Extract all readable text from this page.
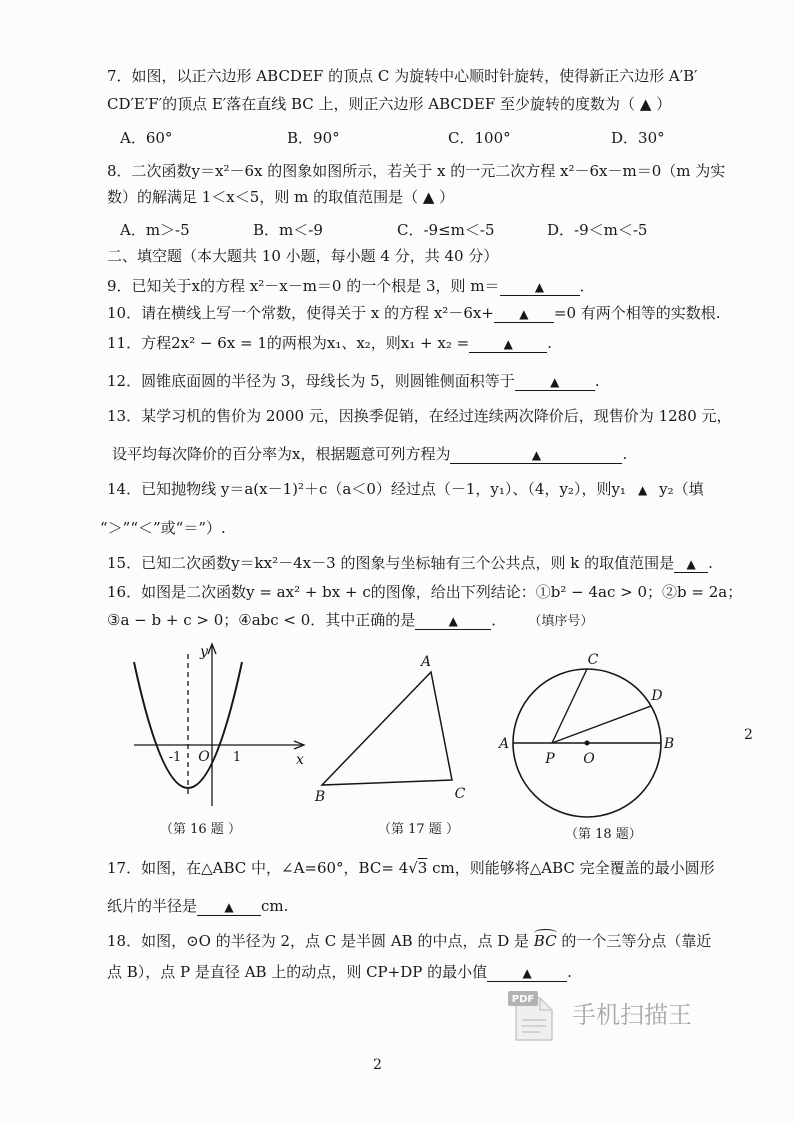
7．如图，以正六边形 ABCDEF 的顶点 C 为旋转中心顺时针旋转，使得新正六边形 A′B′
CD′E′F′的顶点 E′落在直线 BC 上，则正六边形 ABCDEF 至少旋转的度数为（ ▲ ）
A．60°	B．90°	C．100°	D．30°
8．二次函数y＝x²－6x 的图象如图所示，若关于 x 的一元二次方程 x²－6x－m＝0（m 为实
数）的解满足 1＜x＜5，则 m 的取值范围是（ ▲ ）
A．m＞-5	B．m＜-9	C．-9≤m＜-5	D．-9＜m＜-5
二、填空题（本大题共 10 小题，每小题 4 分，共 40 分）
9．已知关于x的方程 x²－x－m＝0 的一个根是 3，则 m＝	▲ ．
10．请在横线上写一个常数，使得关于 x 的方程 x²－6x+ ▲ =0 有两个相等的实数根.
11．方程2x² − 6x = 1的两根为x₁、x₂，则x₁ + x₂ =	▲ .
12．圆锥底面圆的半径为 3，母线长为 5，则圆锥侧面积等于	▲ .
13．某学习机的售价为 2000 元，因换季促销，在经过连续两次降价后，现售价为 1280 元，
设平均每次降价的百分率为x，根据题意可列方程为	▲	.
14．已知抛物线 y＝a(x－1)²＋c（a＜0）经过点（－1，y₁）、（4，y₂），则y₁ ▲ y₂（填
“＞”“＜”或“＝”）.
15．已知二次函数y＝kx²－4x－3 的图象与坐标轴有三个公共点，则 k 的取值范围是 ▲ .
16．如图是二次函数y = ax² + bx + c的图像，给出下列结论：①b² − 4ac > 0；②b = 2a；
③a − b + c > 0；④abc < 0．其中正确的是	▲ ． （填序号）
y
x
-1 O 1
A
B	C
A	B
C
D
P O
（第 16 题 ）	（第 17 题 ）	（第 18 题）
2
17．如图，在△ABC 中，∠A=60°，BC= 4√3 cm，则能够将△ABC 完全覆盖的最小圆形
纸片的半径是 ▲ cm.
18．如图，⊙O 的半径为 2，点 C 是半圆 AB 的中点，点 D 是 BC 的一个三等分点（靠近
点 B），点 P 是直径 AB 上的动点，则 CP+DP 的最小值	▲ .
PDF
手机扫描王
2
